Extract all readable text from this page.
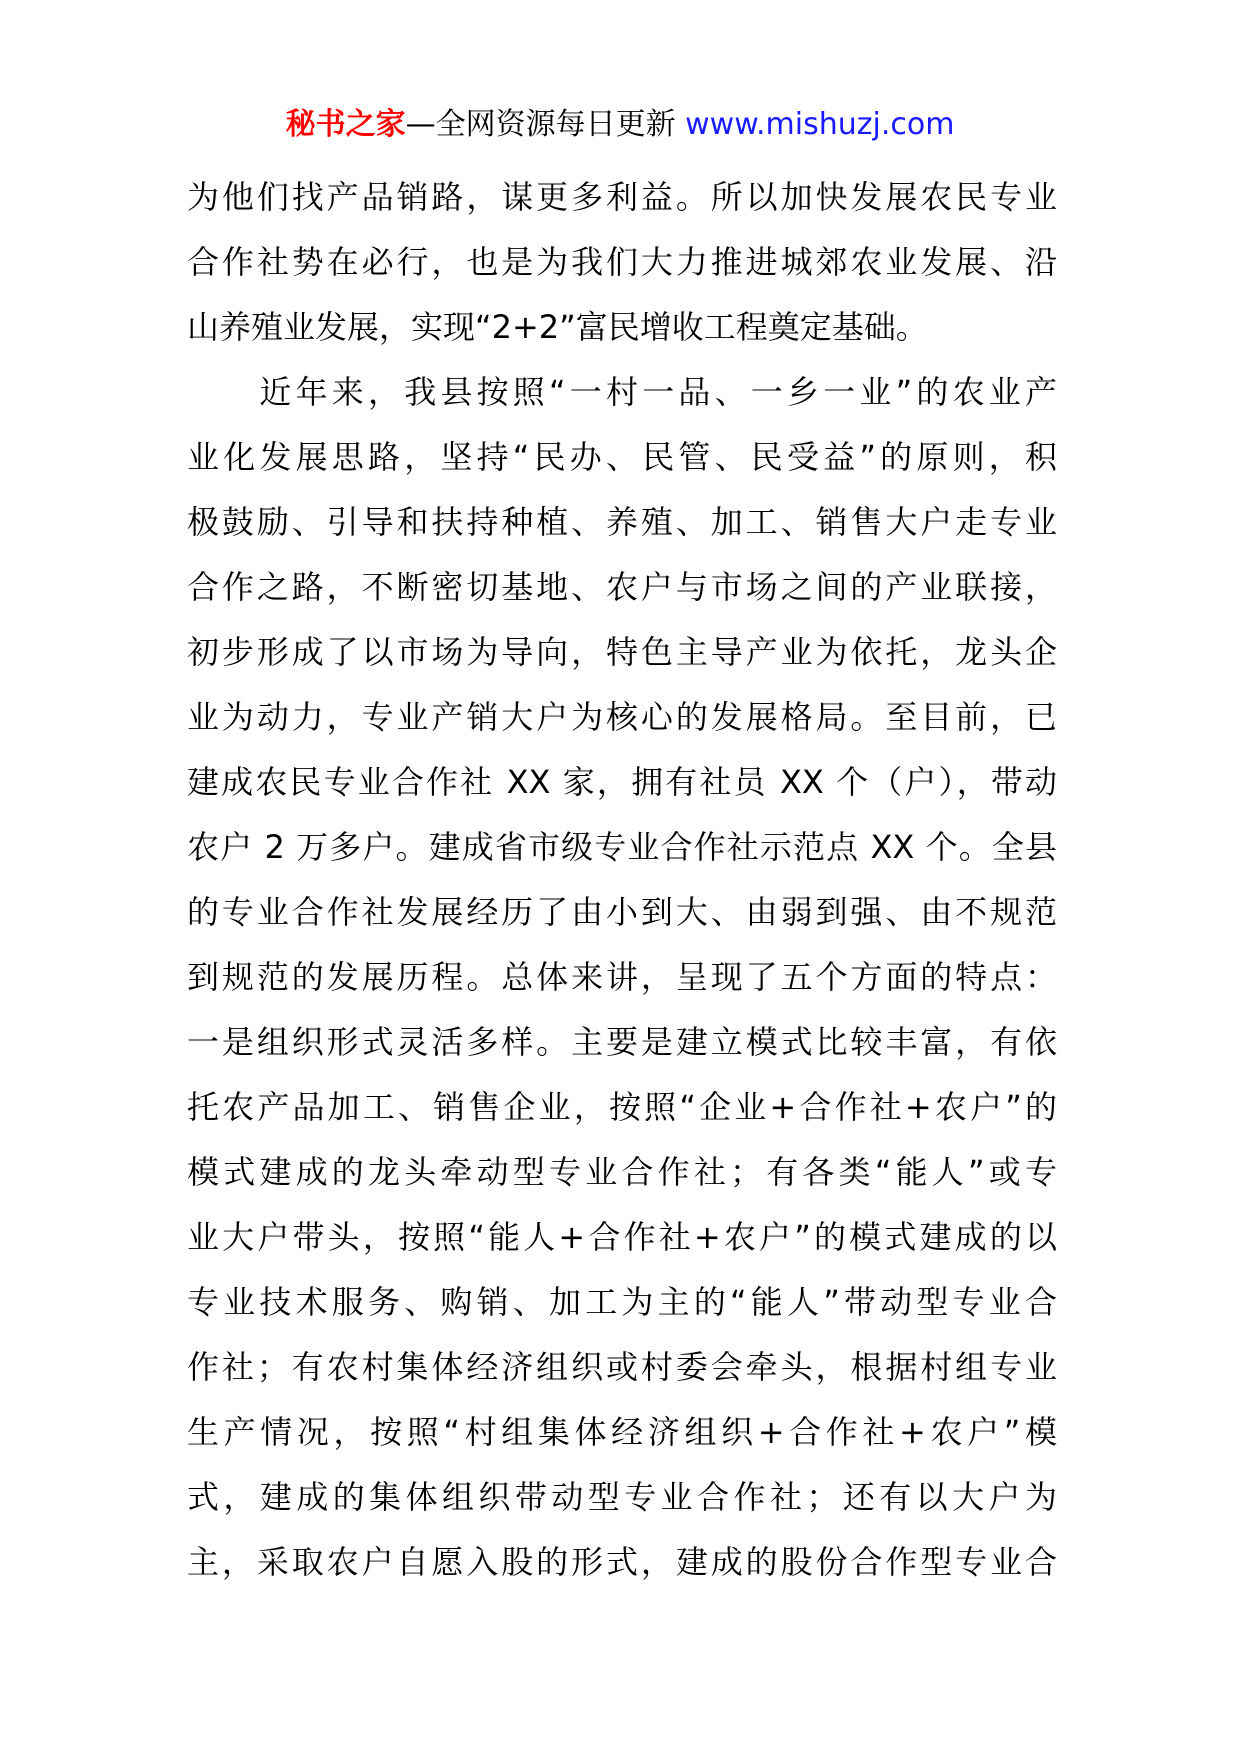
秘书之家—全网资源每日更新 www.mishuzj.com
为他们找产品销路，谋更多利益。所以加快发展农民专业
合作社势在必行，也是为我们大力推进城郊农业发展、沿
山养殖业发展，实现“2+2”富民增收工程奠定基础。
　　近年来，我县按照“一村一品、一乡一业”的农业产
业化发展思路，坚持“民办、民管、民受益”的原则，积
极鼓励、引导和扶持种植、养殖、加工、销售大户走专业
合作之路，不断密切基地、农户与市场之间的产业联接，
初步形成了以市场为导向，特色主导产业为依托，龙头企
业为动力，专业产销大户为核心的发展格局。至目前，已
建成农民专业合作社 XX 家，拥有社员 XX 个（户），带动
农户 2 万多户。建成省市级专业合作社示范点 XX 个。全县
的专业合作社发展经历了由小到大、由弱到强、由不规范
到规范的发展历程。总体来讲，呈现了五个方面的特点：
一是组织形式灵活多样。主要是建立模式比较丰富，有依
托农产品加工、销售企业，按照“企业+合作社+农户”的
模式建成的龙头牵动型专业合作社；有各类“能人”或专
业大户带头，按照“能人+合作社+农户”的模式建成的以
专业技术服务、购销、加工为主的“能人”带动型专业合
作社；有农村集体经济组织或村委会牵头，根据村组专业
生产情况，按照“村组集体经济组织+合作社+农户”模
式，建成的集体组织带动型专业合作社；还有以大户为
主，采取农户自愿入股的形式，建成的股份合作型专业合
